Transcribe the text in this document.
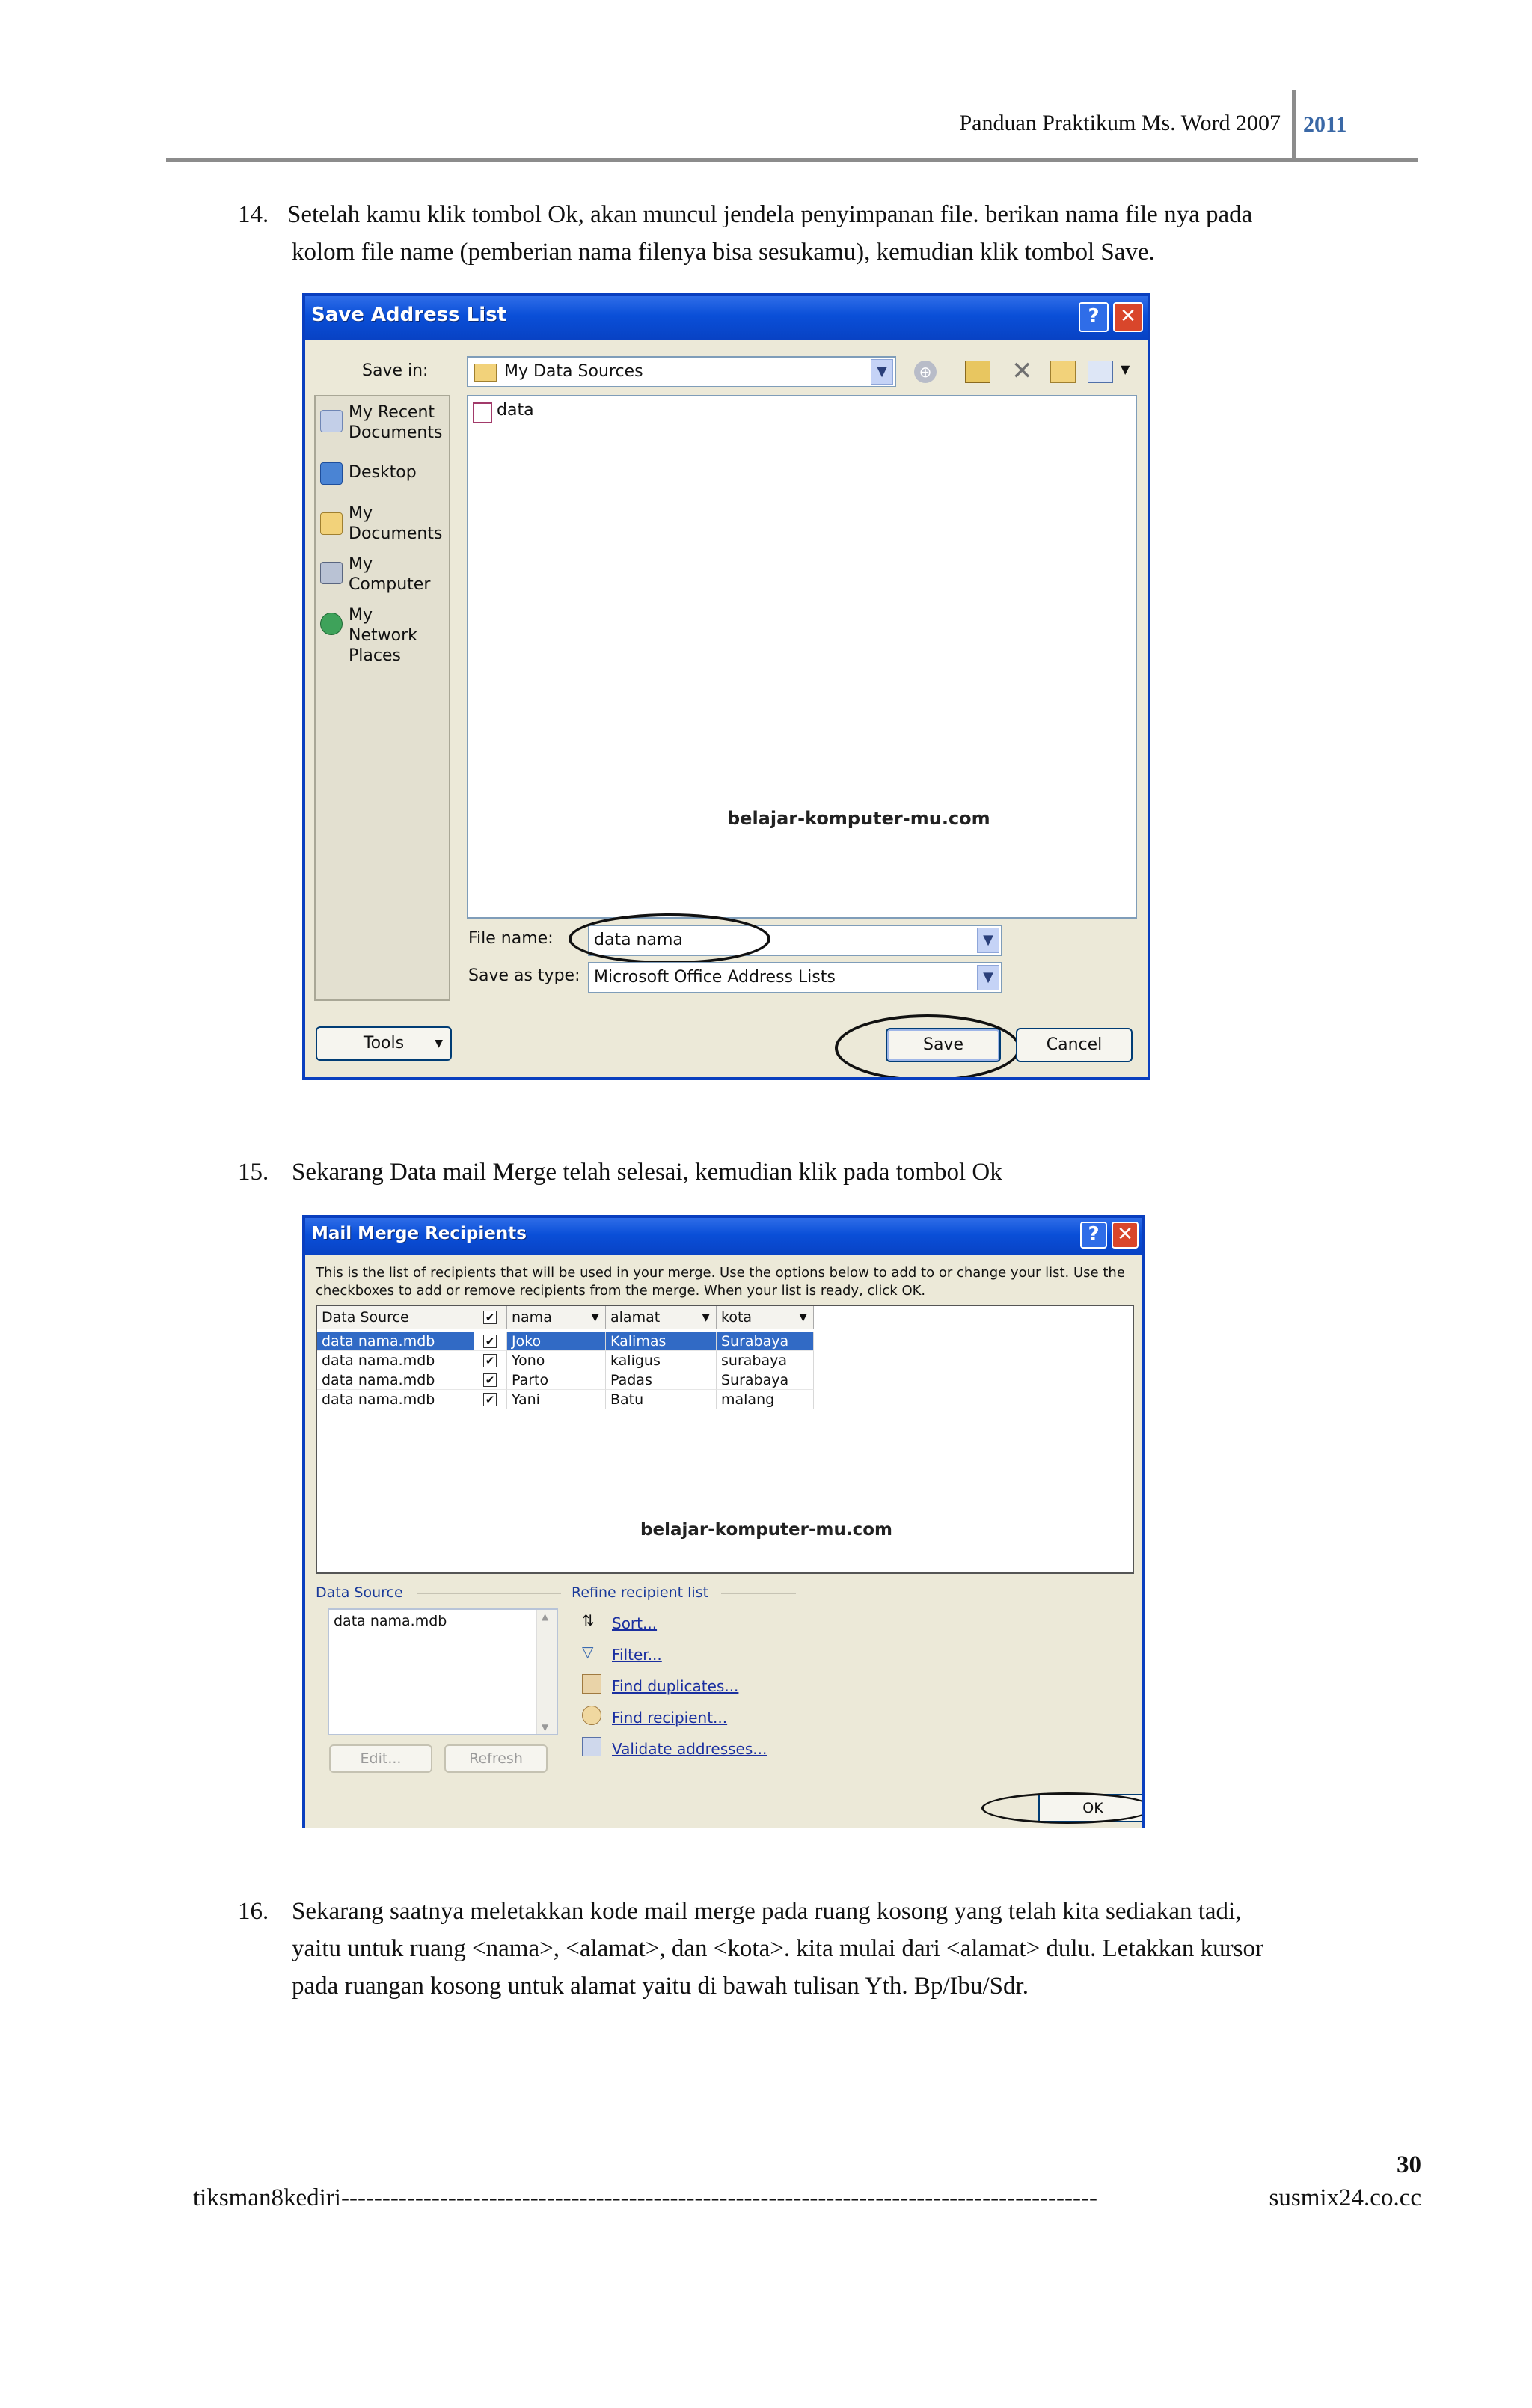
Panduan Praktikum Ms. Word 2007 2011
14. Setelah kamu klik tombol Ok, akan muncul jendela penyimpanan file. berikan nama file nya pada
kolom file name (pemberian nama filenya bisa sesukamu), kemudian klik tombol Save.
Save Address List	?	✕
Save in:	My Data Sources	▼	⊕	✕	▼
My Recent Documents
Desktop
My Documents
My Computer
My Network Places
data
belajar-komputer-mu.com
File name:	data nama	▼
Save as type: Microsoft Office Address Lists	▼
Tools	▼	Save	Cancel
15. Sekarang Data mail Merge telah selesai, kemudian klik pada tombol Ok
Mail Merge Recipients	? ✕
This is the list of recipients that will be used in your merge. Use the options below to add to or change your list. Use the
checkboxes to add or remove recipients from the merge. When your list is ready, click OK.
Data Source	✔	nama	▼ alamat	▼ kota	▼
data nama.mdb	✔	Joko	Kalimas	Surabaya
data nama.mdb	✔	Yono	kaligus	surabaya
data nama.mdb	✔	Parto	Padas	Surabaya
data nama.mdb	✔	Yani	Batu	malang
belajar-komputer-mu.com
Data Source
data nama.mdb	▲
▼
Edit...	Refresh
Refine recipient list
⇅	Sort...
▽	Filter...
Find duplicates...
Find recipient...
Validate addresses...
OK
16. Sekarang saatnya meletakkan kode mail merge pada ruang kosong yang telah kita sediakan tadi,
yaitu untuk ruang <nama>, <alamat>, dan <kota>. kita mulai dari <alamat> dulu. Letakkan kursor
pada ruangan kosong untuk alamat yaitu di bawah tulisan Yth. Bp/Ibu/Sdr.
30
tiksman8kediri --------------------------------------------------------------------------------------------	susmix24.co.cc
